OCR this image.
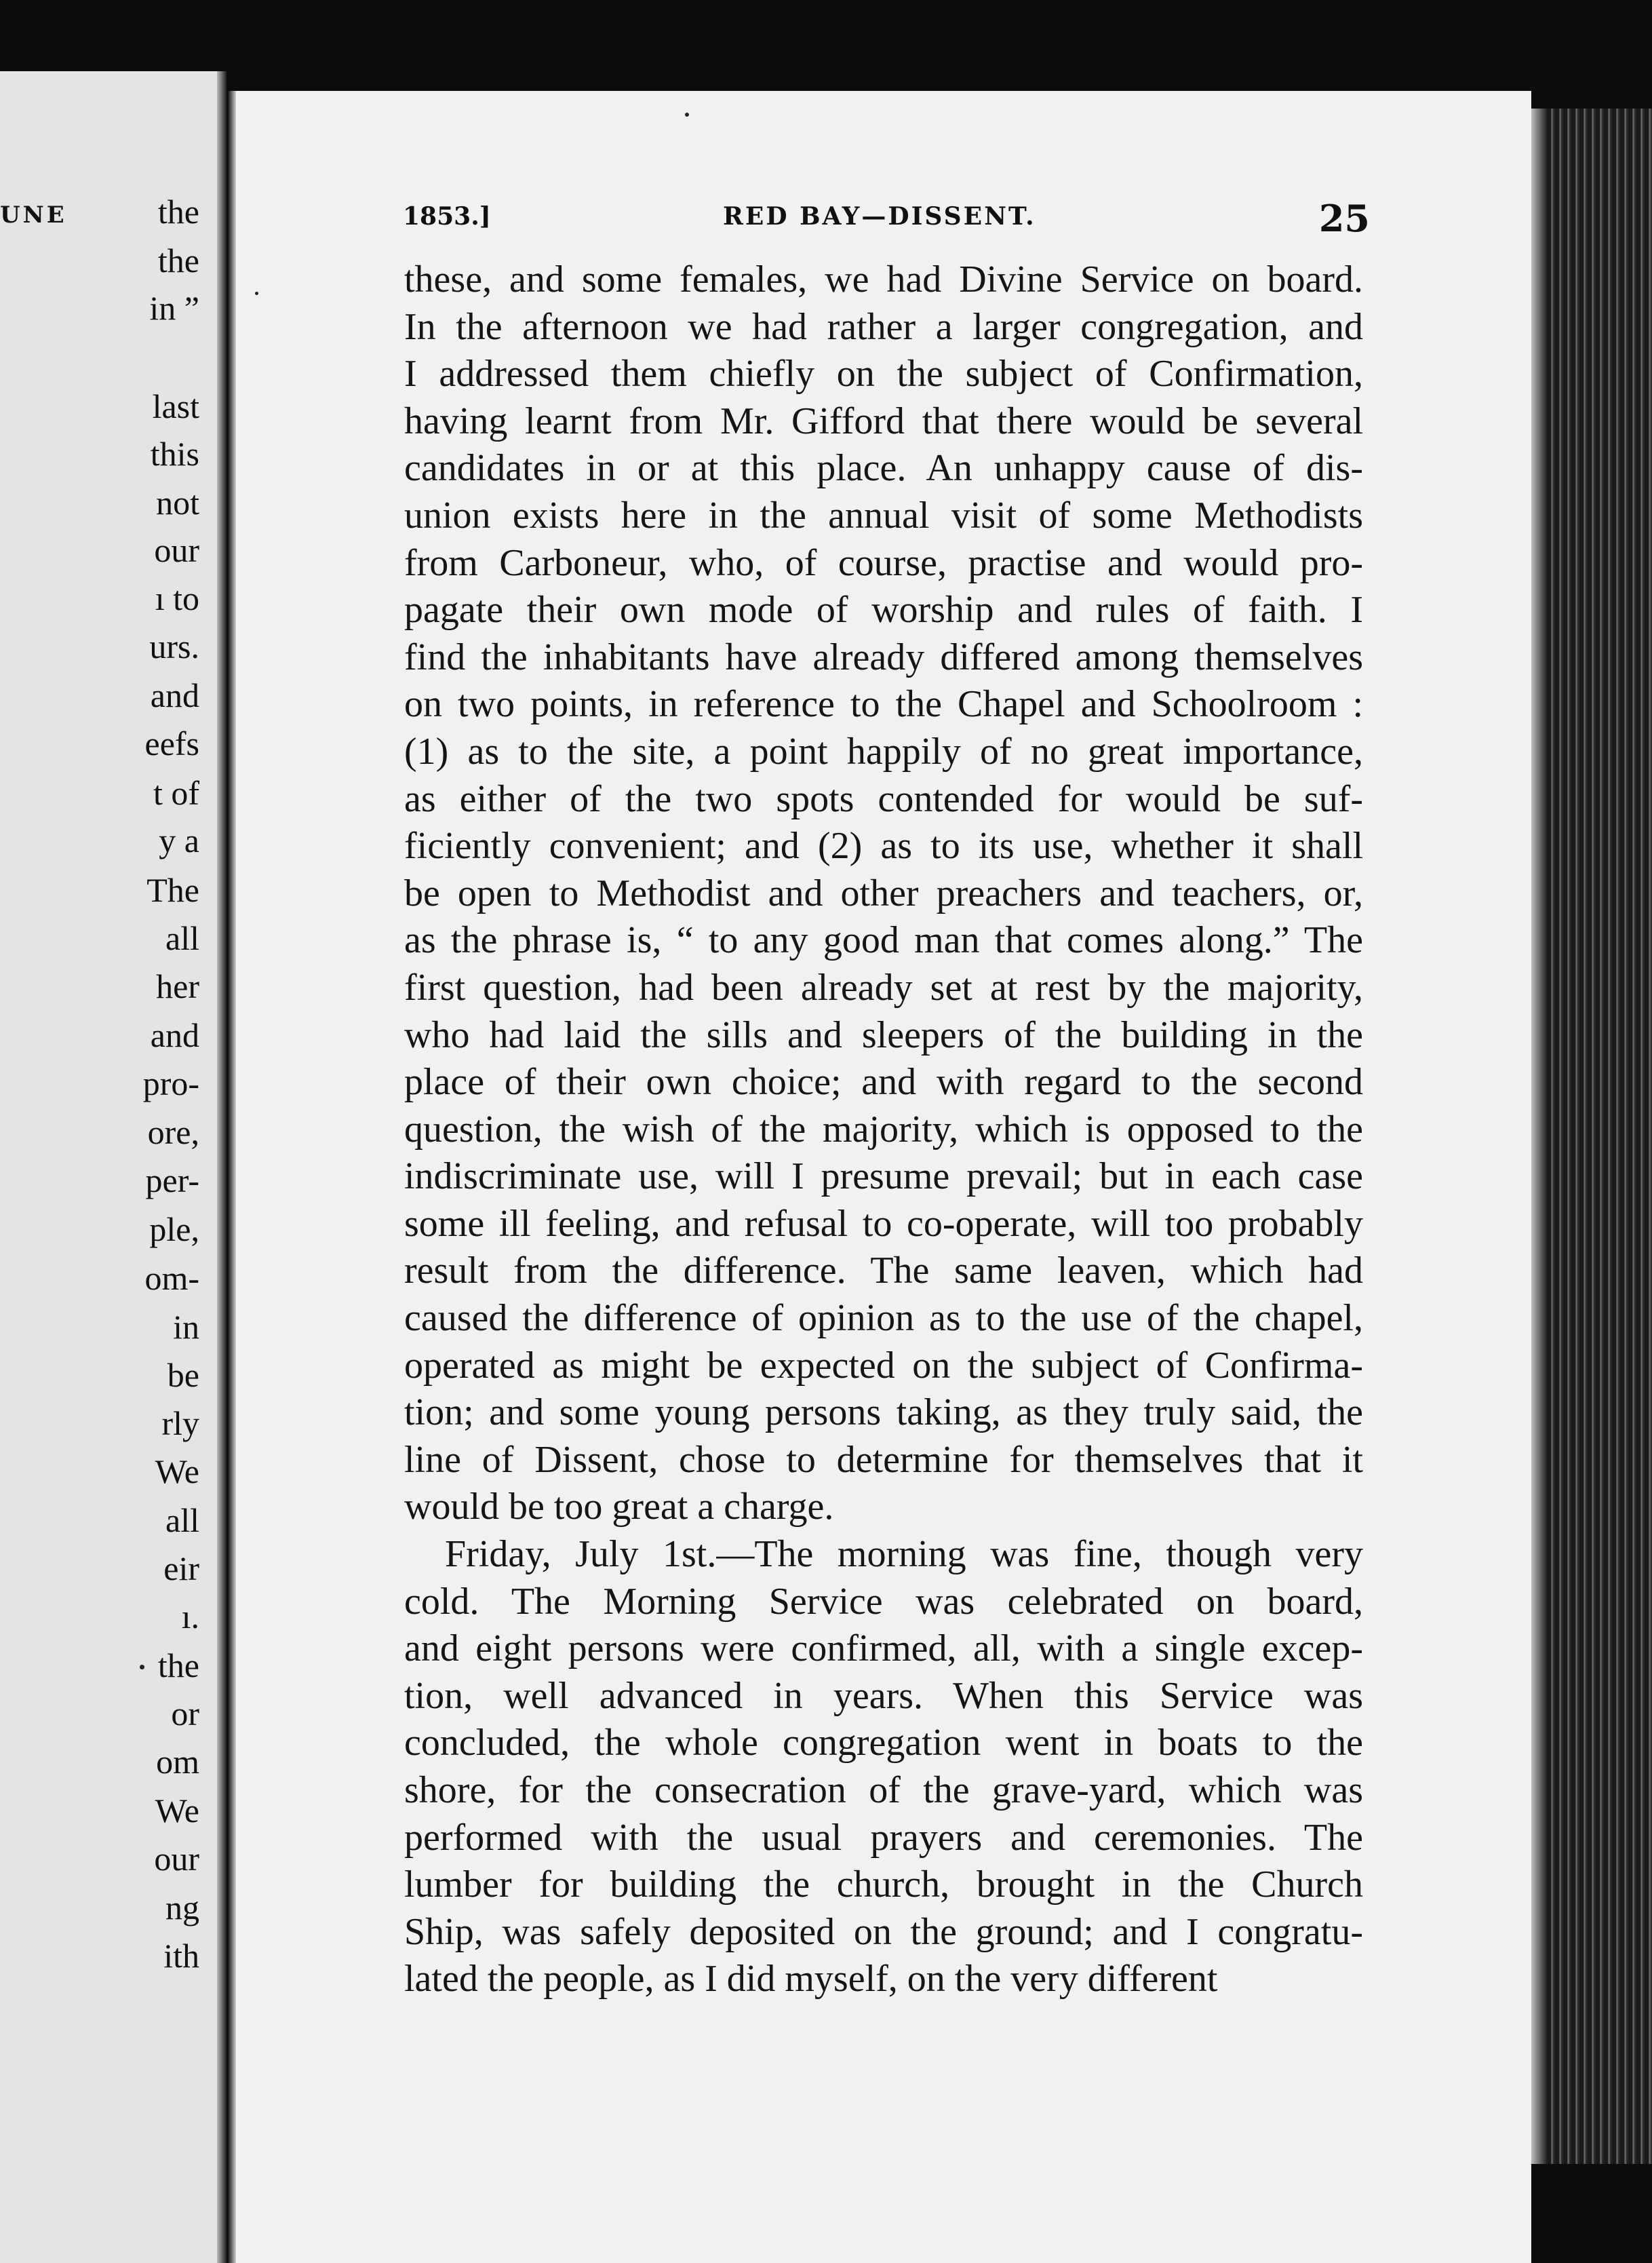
UNE	the
the
in ”
last
this
not
our
ı to
urs.
and
eefs
t of
y a
The
all
her
and
pro-
ore,
per-
ple,
om-
in
be
rly
We
all
eir
ı.
the
or
om
We
our
ng
ith
1853.]	RED BAY—DISSENT.	25
these, and some females, we had Divine Service on board.
In the afternoon we had rather a larger congregation, and
I addressed them chiefly on the subject of Confirmation,
having learnt from Mr. Gifford that there would be several
candidates in or at this place. An unhappy cause of dis-
union exists here in the annual visit of some Methodists
from Carboneur, who, of course, practise and would pro-
pagate their own mode of worship and rules of faith. I
find the inhabitants have already differed among themselves
on two points, in reference to the Chapel and Schoolroom :
(1) as to the site, a point happily of no great importance,
as either of the two spots contended for would be suf-
ficiently convenient; and (2) as to its use, whether it shall
be open to Methodist and other preachers and teachers, or,
as the phrase is, “ to any good man that comes along.” The
first question, had been already set at rest by the majority,
who had laid the sills and sleepers of the building in the
place of their own choice; and with regard to the second
question, the wish of the majority, which is opposed to the
indiscriminate use, will I presume prevail; but in each case
some ill feeling, and refusal to co-operate, will too probably
result from the difference. The same leaven, which had
caused the difference of opinion as to the use of the chapel,
operated as might be expected on the subject of Confirma-
tion; and some young persons taking, as they truly said, the
line of Dissent, chose to determine for themselves that it
would be too great a charge.
Friday, July 1st.—The morning was fine, though very
cold. The Morning Service was celebrated on board,
and eight persons were confirmed, all, with a single excep-
tion, well advanced in years. When this Service was
concluded, the whole congregation went in boats to the
shore, for the consecration of the grave-yard, which was
performed with the usual prayers and ceremonies. The
lumber for building the church, brought in the Church
Ship, was safely deposited on the ground; and I congratu-
lated the people, as I did myself, on the very different
